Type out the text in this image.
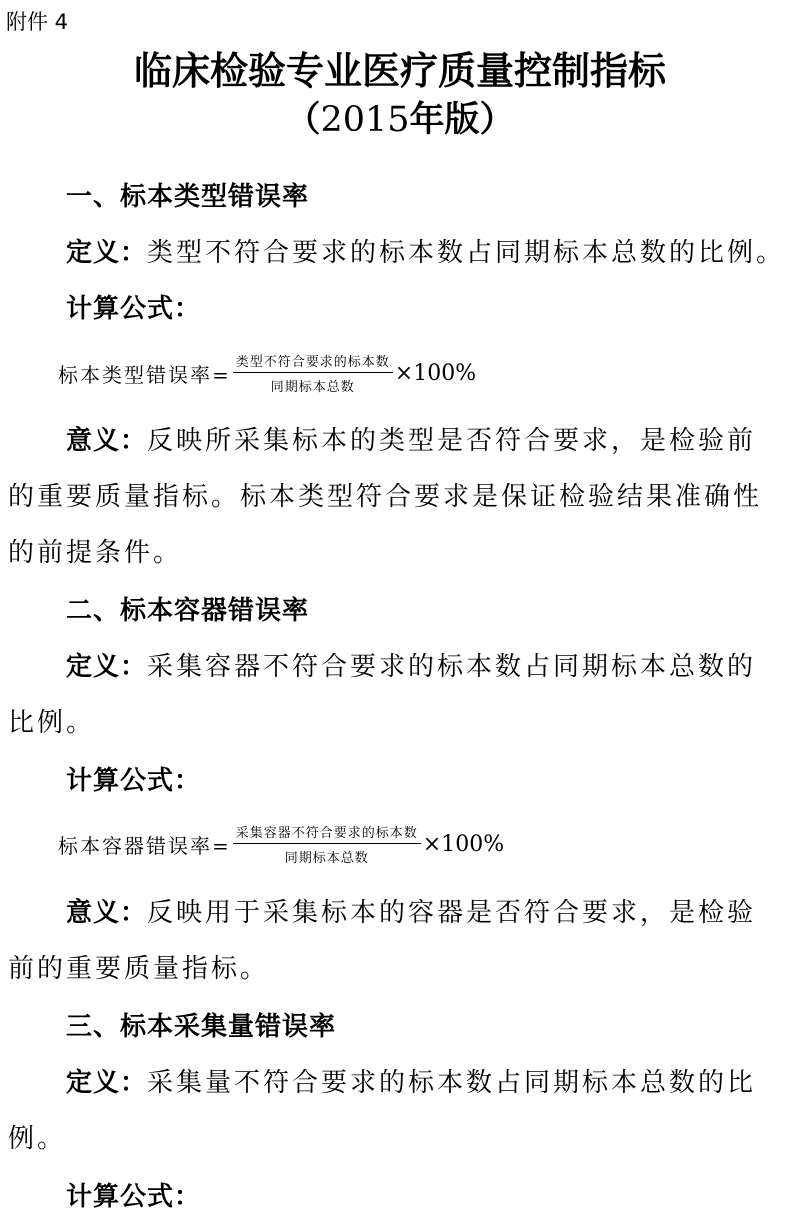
附件 4
临床检验专业医疗质量控制指标
（2015年版）
一、标本类型错误率
定义：类型不符合要求的标本数占同期标本总数的比例。
计算公式：
标本类型错误率= $\frac{\text{类型不符合要求的标本数}}{\text{同期标本总数}} \times 100\%$
意义：反映所采集标本的类型是否符合要求，是检验前
的重要质量指标。标本类型符合要求是保证检验结果准确性
的前提条件。
二、标本容器错误率
定义：采集容器不符合要求的标本数占同期标本总数的
比例。
计算公式：
标本容器错误率= $\frac{\text{采集容器不符合要求的标本数}}{\text{同期标本总数}} \times 100\%$
意义：反映用于采集标本的容器是否符合要求，是检验
前的重要质量指标。
三、标本采集量错误率
定义：采集量不符合要求的标本数占同期标本总数的比
例。
计算公式：
